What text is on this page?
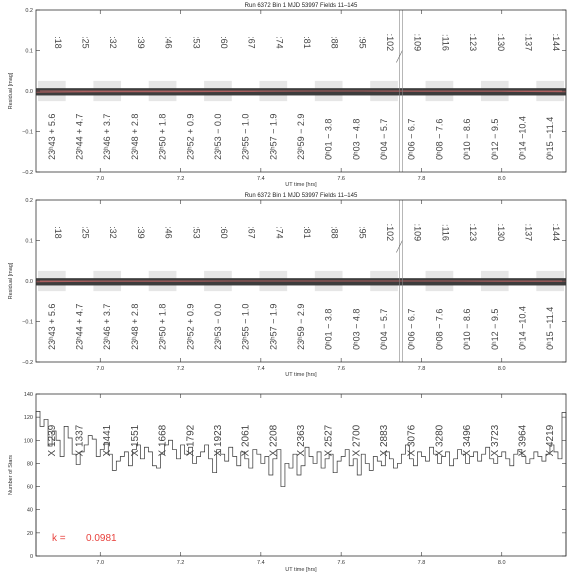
Run 6372 Bin 1 MJD 53997 Fields 11–145
:18
23ʰ43 + 5.6
:25
23ʰ44 + 4.7
:32
23ʰ46 + 3.7
:39
23ʰ48 + 2.8
:46
23ʰ50 + 1.8
:53
23ʰ52 + 0.9
:60
23ʰ53 − 0.0
:67
23ʰ55 − 1.0
:74
23ʰ57 − 1.9
:81
23ʰ59 − 2.9
:88
0ʰ01 − 3.8
:95
0ʰ03 − 4.8
:102
0ʰ04 − 5.7
:109
0ʰ06 − 6.7
:116
0ʰ08 − 7.6
:123
0ʰ10 − 8.6
:130
0ʰ12 − 9.5
:137
0ʰ14 −10.4
:144
0ʰ15 −11.4
7.0	7.2	7.4	7.6	7.8	8.0
−0.2
−0.1
0.0
0.1
0.2
UT time [hrs]
Residual [mag]
Run 6372 Bin 1 MJD 53997 Fields 11–145
:18
23ʰ43 + 5.6
:25
23ʰ44 + 4.7
:32
23ʰ46 + 3.7
:39
23ʰ48 + 2.8
:46
23ʰ50 + 1.8
:53
23ʰ52 + 0.9
:60
23ʰ53 − 0.0
:67
23ʰ55 − 1.0
:74
23ʰ57 − 1.9
:81
23ʰ59 − 2.9
:88
0ʰ01 − 3.8
:95
0ʰ03 − 4.8
:102
0ʰ04 − 5.7
:109
0ʰ06 − 6.7
:116
0ʰ08 − 7.6
:123
0ʰ10 − 8.6
:130
0ʰ12 − 9.5
:137
0ʰ14 −10.4
:144
0ʰ15 −11.4
7.0	7.2	7.4	7.6	7.8	8.0
−0.2
−0.1
0.0
0.1
0.2
UT time [hrs]
Residual [mag]
X 1239 X 1337 X 1441 X 1551 X 1668 X 1792 X 1923 X 2061 X 2208 X 2363 X 2527 X 2700 X 2883 X 3076 X 3280 X 3496 X 3723 X 3964 X 4219
k = 0.0981
7.0	7.2	7.4	7.6	7.8	8.0
0
20
40
60
80
100
120
140
UT time [hrs]
Number of Stars
